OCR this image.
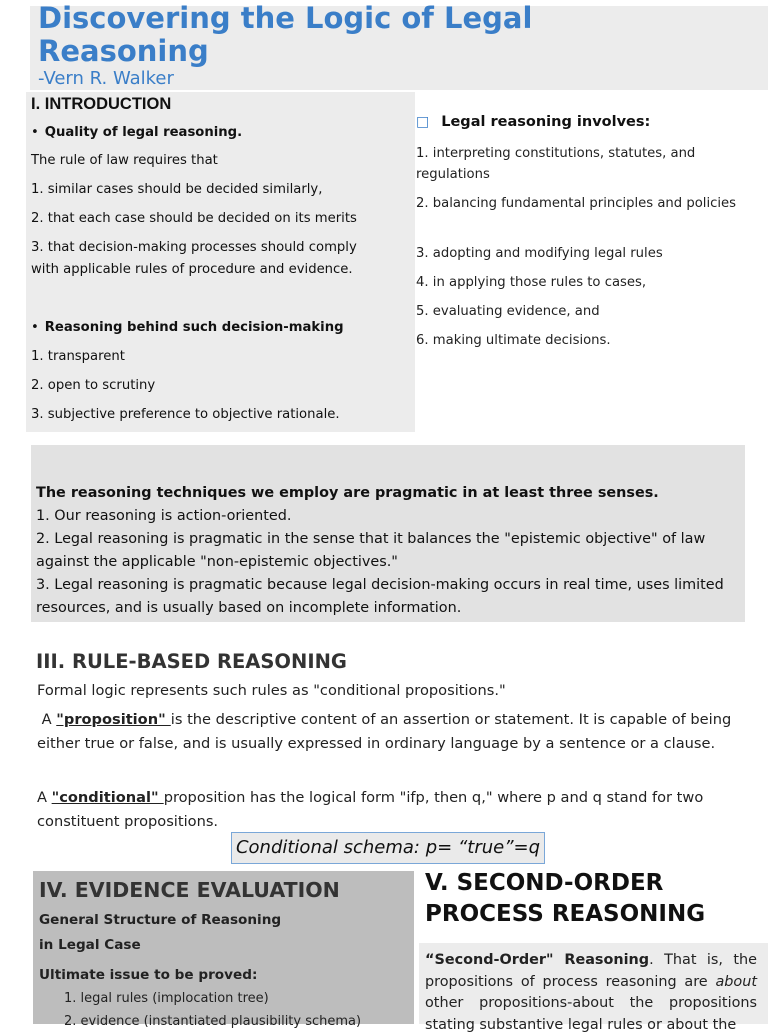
Discovering the Logic of Legal Reasoning
-Vern R. Walker
I. INTRODUCTION
• Quality of legal reasoning.
The rule of law requires that
1. similar cases should be decided similarly,
2. that each case should be decided on its merits
3. that decision-making processes should comply
with applicable rules of procedure and evidence.
• Reasoning behind such decision-making
1. transparent
2. open to scrutiny
3. subjective preference to objective rationale.
□ Legal reasoning involves:
1. interpreting constitutions, statutes, and regulations
2. balancing fundamental principles and policies
3. adopting and modifying legal rules
4. in applying those rules to cases,
5. evaluating evidence, and
6. making ultimate decisions.

The reasoning techniques we employ are pragmatic in at least three senses.

1. Our reasoning is action-oriented.

2. Legal reasoning is pragmatic in the sense that it balances the "epistemic objective" of law against the applicable "non-epistemic objectives."

3. Legal reasoning is pragmatic because legal decision-making occurs in real time, uses limited resources, and is usually based on incomplete information.

III. RULE-BASED REASONING
Formal logic represents such rules as "conditional propositions."

A "proposition" is the descriptive content of an assertion or statement. It is capable of being either true or false, and is usually expressed in ordinary language by a sentence or a clause.

A "conditional" proposition has the logical form "ifp, then q," where p and q stand for two constituent propositions.

Conditional schema: p= “true”=q
IV. EVIDENCE EVALUATION
General Structure of Reasoning
in Legal Case
Ultimate issue to be proved:
1. legal rules (implocation tree)
2. evidence (instantiated plausibility schema)
V. SECOND-ORDER
PROCESS REASONING
“Second-Order" Reasoning. That is, the propositions of process reasoning are about other propositions-about the propositions stating substantive legal rules or about the
